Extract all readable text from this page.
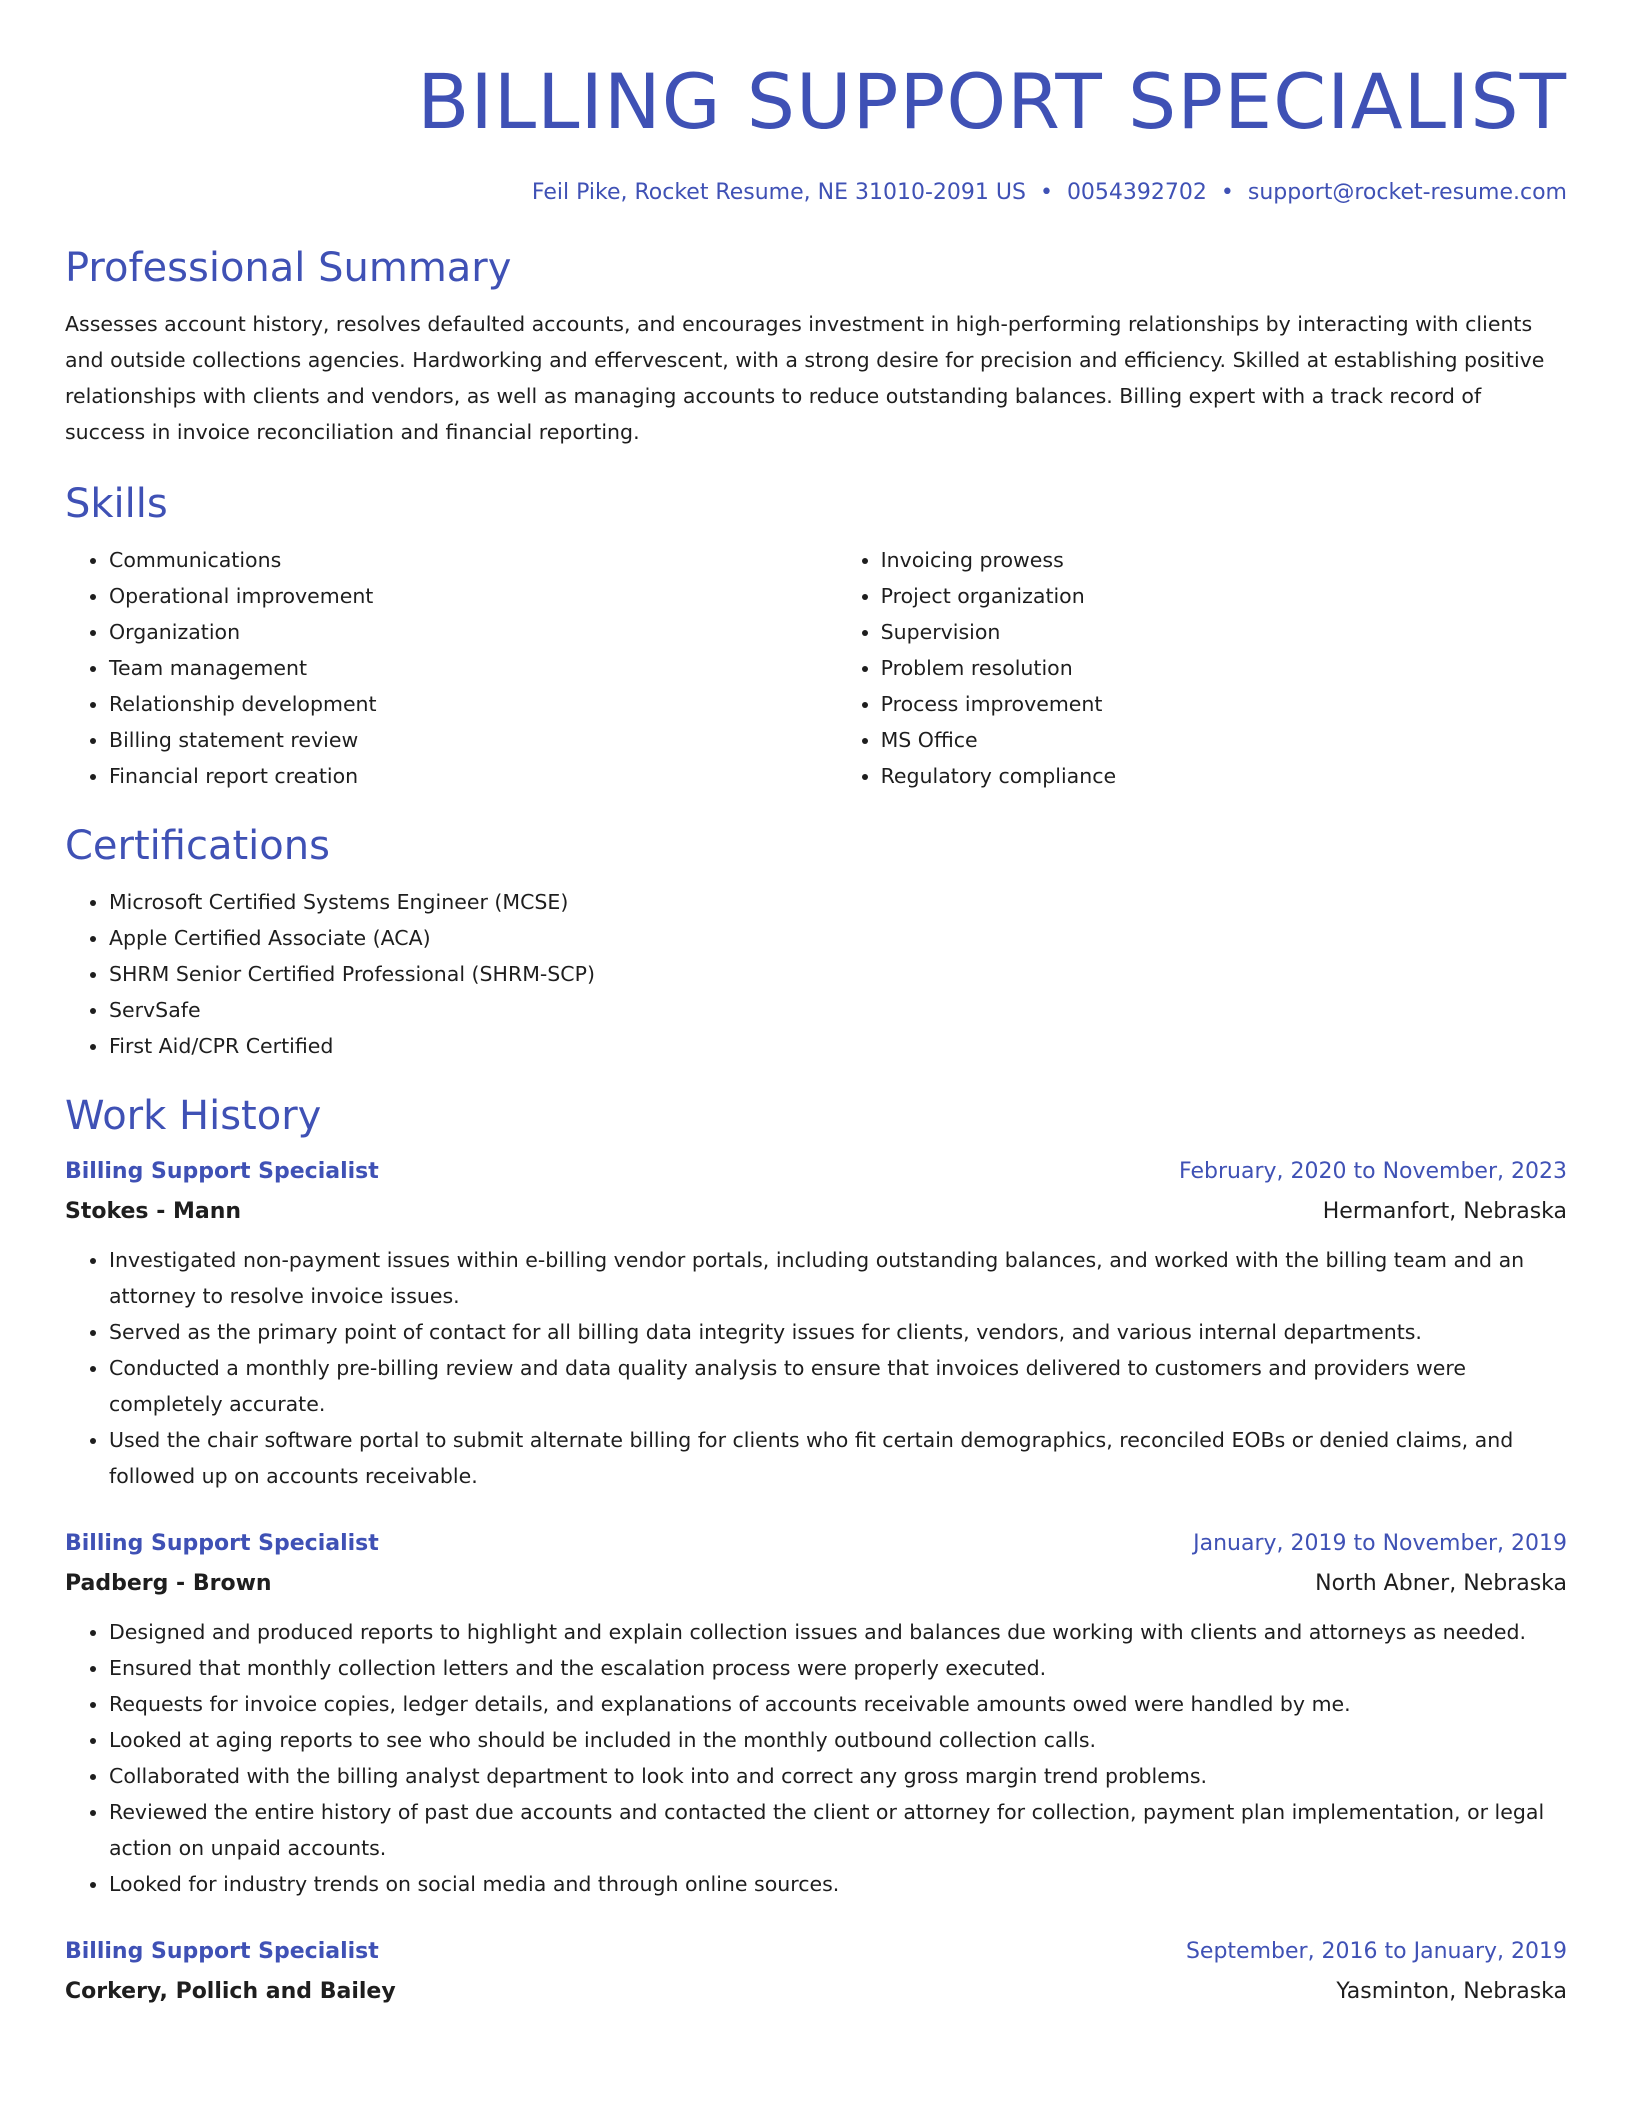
BILLING SUPPORT SPECIALIST
Feil Pike, Rocket Resume, NE 31010-2091 US • 0054392702 • support@rocket-resume.com
Professional Summary

Assesses account history, resolves defaulted accounts, and encourages investment in high-performing relationships by interacting with clients and outside collections agencies. Hardworking and effervescent, with a strong desire for precision and efficiency. Skilled at establishing positive relationships with clients and vendors, as well as managing accounts to reduce outstanding balances. Billing expert with a track record of success in invoice reconciliation and financial reporting.

Skills
• Communications
• Operational improvement
• Organization
• Team management
• Relationship development
• Billing statement review
• Financial report creation
• Invoicing prowess
• Project organization
• Supervision
• Problem resolution
• Process improvement
• MS Office
• Regulatory compliance
Certifications
• Microsoft Certified Systems Engineer (MCSE)
• Apple Certified Associate (ACA)
• SHRM Senior Certified Professional (SHRM-SCP)
• ServSafe
• First Aid/CPR Certified
Work History
Billing Support Specialist	February, 2020 to November, 2023
Stokes - Mann	Hermanfort, Nebraska
• Investigated non-payment issues within e-billing vendor portals, including outstanding balances, and worked with the billing team and an attorney to resolve invoice issues.
• Served as the primary point of contact for all billing data integrity issues for clients, vendors, and various internal departments.
• Conducted a monthly pre-billing review and data quality analysis to ensure that invoices delivered to customers and providers were completely accurate.
• Used the chair software portal to submit alternate billing for clients who fit certain demographics, reconciled EOBs or denied claims, and followed up on accounts receivable.
Billing Support Specialist	January, 2019 to November, 2019
Padberg - Brown	North Abner, Nebraska
• Designed and produced reports to highlight and explain collection issues and balances due working with clients and attorneys as needed.
• Ensured that monthly collection letters and the escalation process were properly executed.
• Requests for invoice copies, ledger details, and explanations of accounts receivable amounts owed were handled by me.
• Looked at aging reports to see who should be included in the monthly outbound collection calls.
• Collaborated with the billing analyst department to look into and correct any gross margin trend problems.
• Reviewed the entire history of past due accounts and contacted the client or attorney for collection, payment plan implementation, or legal action on unpaid accounts.
• Looked for industry trends on social media and through online sources.
Billing Support Specialist	September, 2016 to January, 2019
Corkery, Pollich and Bailey	Yasminton, Nebraska
